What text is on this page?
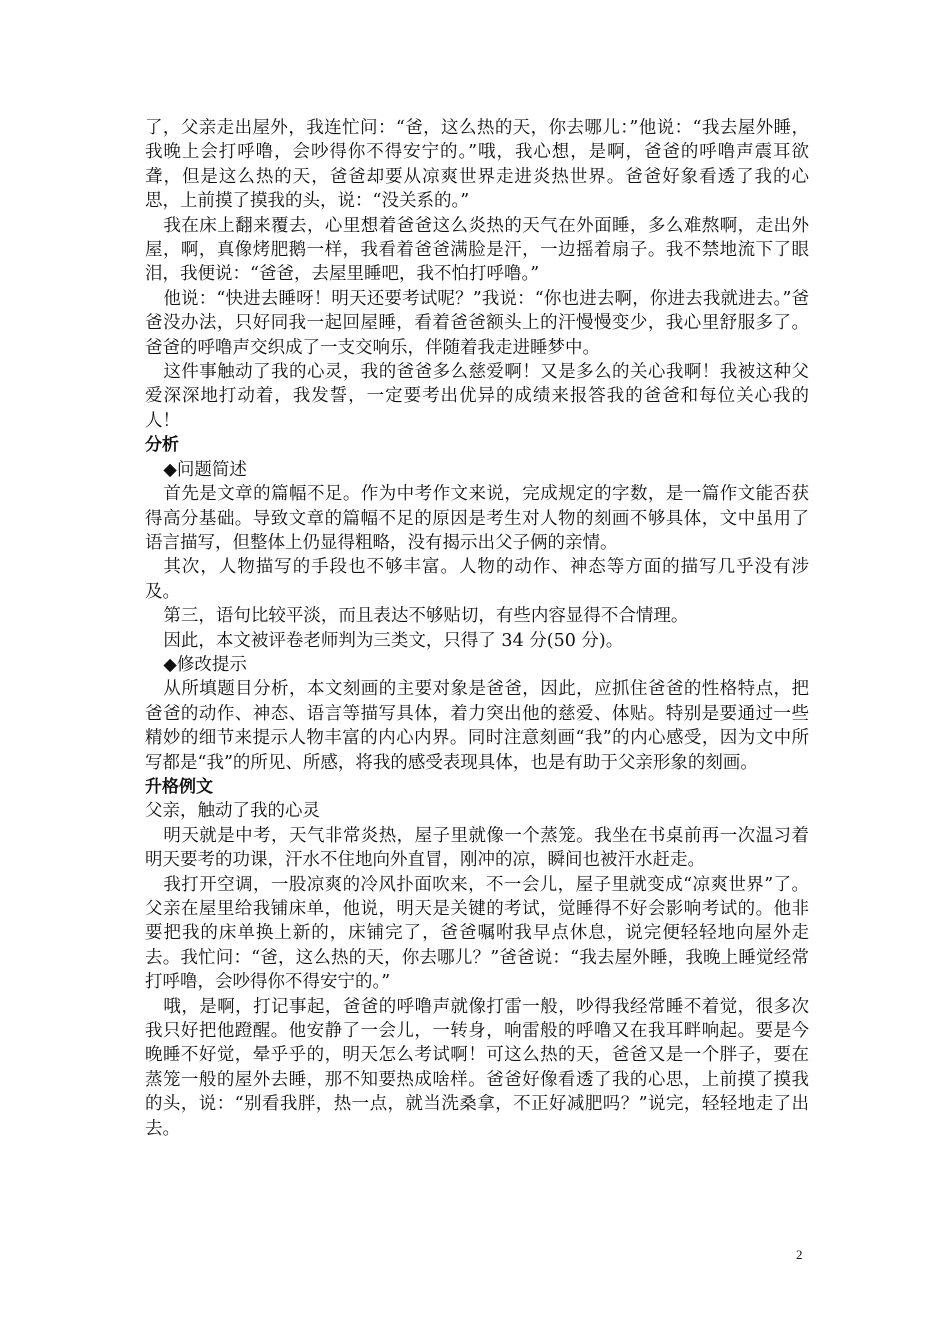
了，父亲走出屋外，我连忙问：“爸，这么热的天，你去哪儿：”他说：“我去屋外睡，我晚上会打呼噜，会吵得你不得安宁的。”哦，我心想，是啊，爸爸的呼噜声震耳欲聋，但是这么热的天，爸爸却要从凉爽世界走进炎热世界。爸爸好象看透了我的心思，上前摸了摸我的头，说：“没关系的。”

我在床上翻来覆去，心里想着爸爸这么炎热的天气在外面睡，多么难熬啊，走出外屋，啊，真像烤肥鹅一样，我看着爸爸满脸是汗，一边摇着扇子。我不禁地流下了眼泪，我便说：“爸爸，去屋里睡吧，我不怕打呼噜。”

他说：“快进去睡呀！明天还要考试呢？”我说：“你也进去啊，你进去我就进去。”爸爸没办法，只好同我一起回屋睡，看着爸爸额头上的汗慢慢变少，我心里舒服多了。爸爸的呼噜声交织成了一支交响乐，伴随着我走进睡梦中。

这件事触动了我的心灵，我的爸爸多么慈爱啊！又是多么的关心我啊！我被这种父爱深深地打动着，我发誓，一定要考出优异的成绩来报答我的爸爸和每位关心我的人！

分析

◆问题简述

首先是文章的篇幅不足。作为中考作文来说，完成规定的字数，是一篇作文能否获得高分基础。导致文章的篇幅不足的原因是考生对人物的刻画不够具体，文中虽用了语言描写，但整体上仍显得粗略，没有揭示出父子俩的亲情。

其次，人物描写的手段也不够丰富。人物的动作、神态等方面的描写几乎没有涉及。

第三，语句比较平淡，而且表达不够贴切，有些内容显得不合情理。

因此，本文被评卷老师判为三类文，只得了 34 分(50 分)。

◆修改提示

从所填题目分析，本文刻画的主要对象是爸爸，因此，应抓住爸爸的性格特点，把爸爸的动作、神态、语言等描写具体，着力突出他的慈爱、体贴。特别是要通过一些精妙的细节来提示人物丰富的内心内界。同时注意刻画“我”的内心感受，因为文中所写都是“我”的所见、所感，将我的感受表现具体，也是有助于父亲形象的刻画。

升格例文

父亲，触动了我的心灵

明天就是中考，天气非常炎热，屋子里就像一个蒸笼。我坐在书桌前再一次温习着明天要考的功课，汗水不住地向外直冒，刚冲的凉，瞬间也被汗水赶走。

我打开空调，一股凉爽的冷风扑面吹来，不一会儿，屋子里就变成“凉爽世界”了。父亲在屋里给我铺床单，他说，明天是关键的考试，觉睡得不好会影响考试的。他非要把我的床单换上新的，床铺完了，爸爸嘱咐我早点休息，说完便轻轻地向屋外走去。我忙问：“爸，这么热的天，你去哪儿？”爸爸说：“我去屋外睡，我晚上睡觉经常打呼噜，会吵得你不得安宁的。”

哦，是啊，打记事起，爸爸的呼噜声就像打雷一般，吵得我经常睡不着觉，很多次我只好把他蹬醒。他安静了一会儿，一转身，响雷般的呼噜又在我耳畔响起。要是今晚睡不好觉，晕乎乎的，明天怎么考试啊！可这么热的天，爸爸又是一个胖子，要在蒸笼一般的屋外去睡，那不知要热成啥样。爸爸好像看透了我的心思，上前摸了摸我的头，说：“别看我胖，热一点，就当洗桑拿，不正好减肥吗？”说完，轻轻地走了出去。

2
